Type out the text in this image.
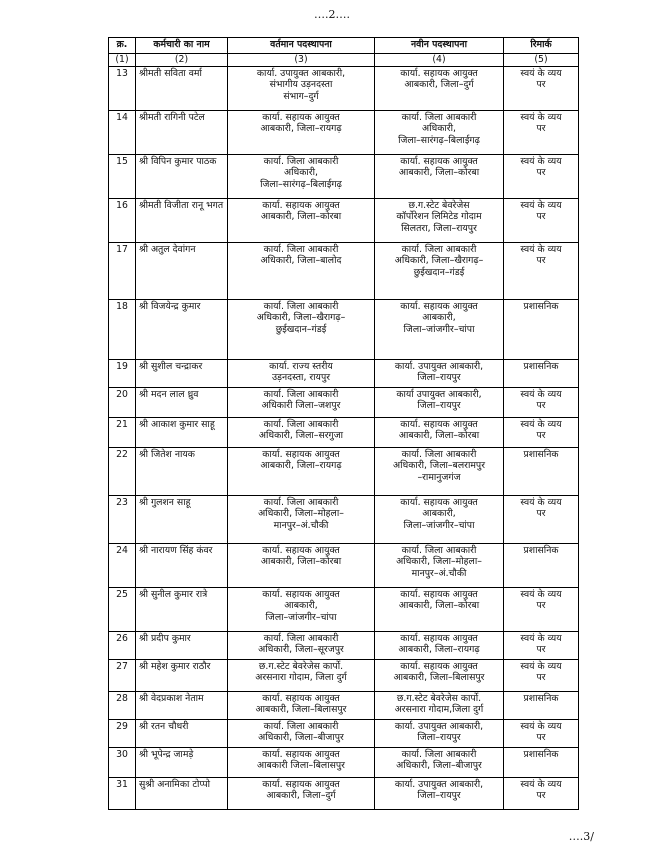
….2….
क्र.	कर्मचारी का नाम	वर्तमान पदस्थापना	नवीन पदस्थापना	रिमार्क
(1)	(2)	(3)	(4)	(5)
13	श्रीमती सविता वर्मा	कार्या. उपायुक्त आबकारी,
संभागीय उड़नदस्ता
संभाग–दुर्ग	कार्या. सहायक आयुक्त
आबकारी, जिला–दुर्ग	स्वयं के व्यय
पर
14	श्रीमती रागिनी पटेल	कार्या. सहायक आयुक्त
आबकारी, जिला–रायगढ़	कार्या. जिला आबकारी
अधिकारी,
जिला–सारंगढ़–बिलाईगढ़	स्वयं के व्यय
पर
15	श्री विपिन कुमार पाठक	कार्या. जिला आबकारी
अधिकारी,
जिला–सारंगढ़–बिलाईगढ़	कार्या. सहायक आयुक्त
आबकारी, जिला–कोरबा	स्वयं के व्यय
पर
16	श्रीमती विजीता रानू भगत	कार्या. सहायक आयुक्त
आबकारी, जिला–कोरबा	छ.ग.स्टेट बेवरेजेस
कॉर्पोरेशन लिमिटेड गोदाम
सिलतरा, जिला–रायपुर	स्वयं के व्यय
पर
17	श्री अतुल देवांगन	कार्या. जिला आबकारी
अधिकारी, जिला–बालोद	कार्या. जिला आबकारी
अधिकारी, जिला–खैरागढ़–
छुईखदान–गंडई	स्वयं के व्यय
पर
18	श्री विजयेन्द्र कुमार	कार्या. जिला आबकारी
अधिकारी, जिला–खैरागढ़–
छुईखदान–गंडई	कार्या. सहायक आयुक्त
आबकारी,
जिला–जांजगीर–चांपा	प्रशासनिक
19	श्री सुशील चन्द्राकर	कार्या. राज्य स्तरीय
उड़नदस्ता, रायपुर	कार्या. उपायुक्त आबकारी,
जिला–रायपुर	प्रशासनिक
20	श्री मदन लाल ध्रुव	कार्या. जिला आबकारी
अधिकारी जिला–जशपुर	कार्या उपायुक्त आबकारी,
जिला–रायपुर	स्वयं के व्यय
पर
21	श्री आकाश कुमार साहू	कार्या. जिला आबकारी
अधिकारी, जिला–सरगुजा	कार्या. सहायक आयुक्त
आबकारी, जिला–कोरबा	स्वयं के व्यय
पर
22	श्री जितेश नायक	कार्या. सहायक आयुक्त
आबकारी, जिला–रायगढ़	कार्या. जिला आबकारी
अधिकारी, जिला–बलरामपुर
–रामानुजगंज	प्रशासनिक
23	श्री गुलशन साहू	कार्या. जिला आबकारी
अधिकारी, जिला–मोहला–
मानपुर–अं.चौकी	कार्या. सहायक आयुक्त
आबकारी,
जिला–जांजगीर–चांपा	स्वयं के व्यय
पर
24	श्री नारायण सिंह कंवर	कार्या. सहायक आयुक्त
आबकारी, जिला–कोरबा	कार्या. जिला आबकारी
अधिकारी, जिला–मोहला–
मानपुर–अं.चौकी	प्रशासनिक
25	श्री सुनील कुमार रात्रे	कार्या. सहायक आयुक्त
आबकारी,
जिला–जांजगीर–चांपा	कार्या. सहायक आयुक्त
आबकारी, जिला–कोरबा	स्वयं के व्यय
पर
26	श्री प्रदीप कुमार	कार्या. जिला आबकारी
अधिकारी, जिला–सूरजपुर	कार्या. सहायक आयुक्त
आबकारी, जिला–रायगढ़	स्वयं के व्यय
पर
27	श्री महेश कुमार राठौर	छ.ग.स्टेट बेवरेजेस कार्पो.
अरसनारा गोदाम, जिला दुर्ग	कार्या. सहायक आयुक्त
आबकारी, जिला–बिलासपुर	स्वयं के व्यय
पर
28	श्री वेदप्रकाश नेताम	कार्या. सहायक आयुक्त
आबकारी, जिला–बिलासपुर	छ.ग.स्टेट बेवरेजेस कार्पो.
अरसनारा गोदाम,जिला दुर्ग	प्रशासनिक
29	श्री रतन चौधरी	कार्या. जिला आबकारी
अधिकारी, जिला–बीजापुर	कार्या. उपायुक्त आबकारी,
जिला–रायपुर	स्वयं के व्यय
पर
30	श्री भूपेन्द्र जामड़े	कार्या. सहायक आयुक्त
आबकारी जिला–बिलासपुर	कार्या. जिला आबकारी
अधिकारी, जिला–बीजापुर	प्रशासनिक
31	सुश्री अनामिका टोप्पो	कार्या. सहायक आयुक्त
आबकारी, जिला–दुर्ग	कार्या. उपायुक्त आबकारी,
जिला–रायपुर	स्वयं के व्यय
पर
….3/
